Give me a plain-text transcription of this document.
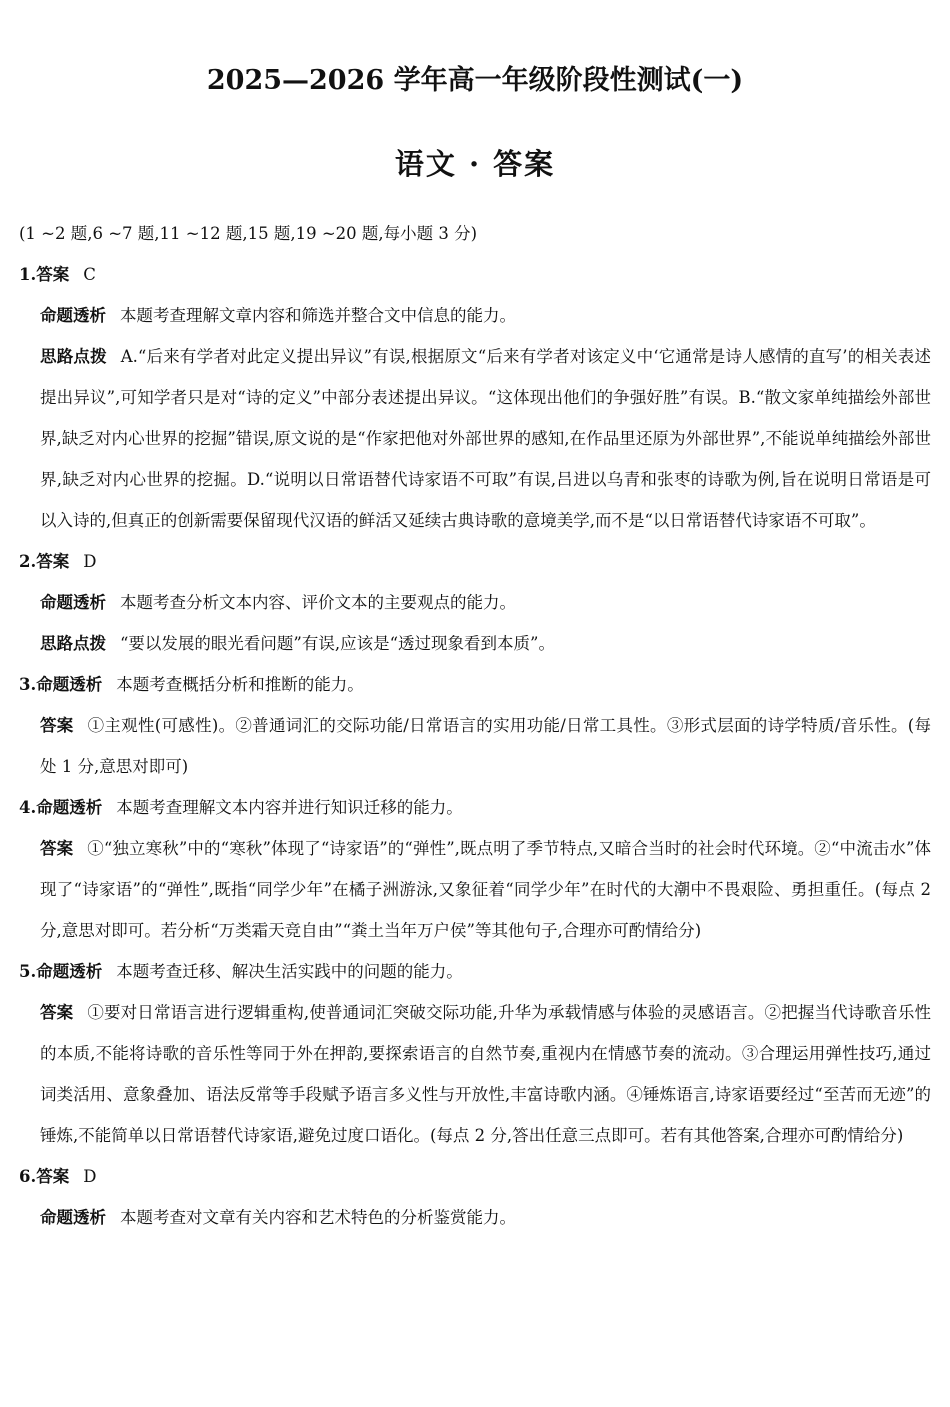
2025—2026 学年高一年级阶段性测试(一)
语文 · 答案

(1 ~2 题,6 ~7 题,11 ~12 题,15 题,19 ~20 题,每小题 3 分)

1.答案 C

命题透析 本题考查理解文章内容和筛选并整合文中信息的能力。

思路点拨 A.“后来有学者对此定义提出异议”有误,根据原文“后来有学者对该定义中‘它通常是诗人感情的直写’的相关表述提出异议”,可知学者只是对“诗的定义”中部分表述提出异议。“这体现出他们的争强好胜”有误。B.“散文家单纯描绘外部世界,缺乏对内心世界的挖掘”错误,原文说的是“作家把他对外部世界的感知,在作品里还原为外部世界”,不能说单纯描绘外部世界,缺乏对内心世界的挖掘。D.“说明以日常语替代诗家语不可取”有误,吕进以乌青和张枣的诗歌为例,旨在说明日常语是可以入诗的,但真正的创新需要保留现代汉语的鲜活又延续古典诗歌的意境美学,而不是“以日常语替代诗家语不可取”。

2.答案 D

命题透析 本题考查分析文本内容、评价文本的主要观点的能力。

思路点拨 “要以发展的眼光看问题”有误,应该是“透过现象看到本质”。

3.命题透析 本题考查概括分析和推断的能力。

答案 ①主观性(可感性)。②普通词汇的交际功能/日常语言的实用功能/日常工具性。③形式层面的诗学特质/音乐性。(每处 1 分,意思对即可)

4.命题透析 本题考查理解文本内容并进行知识迁移的能力。

答案 ①“独立寒秋”中的“寒秋”体现了“诗家语”的“弹性”,既点明了季节特点,又暗合当时的社会时代环境。②“中流击水”体现了“诗家语”的“弹性”,既指“同学少年”在橘子洲游泳,又象征着“同学少年”在时代的大潮中不畏艰险、勇担重任。(每点 2 分,意思对即可。若分析“万类霜天竞自由”“粪土当年万户侯”等其他句子,合理亦可酌情给分)

5.命题透析 本题考查迁移、解决生活实践中的问题的能力。

答案 ①要对日常语言进行逻辑重构,使普通词汇突破交际功能,升华为承载情感与体验的灵感语言。②把握当代诗歌音乐性的本质,不能将诗歌的音乐性等同于外在押韵,要探索语言的自然节奏,重视内在情感节奏的流动。③合理运用弹性技巧,通过词类活用、意象叠加、语法反常等手段赋予语言多义性与开放性,丰富诗歌内涵。④锤炼语言,诗家语要经过“至苦而无迹”的锤炼,不能简单以日常语替代诗家语,避免过度口语化。(每点 2 分,答出任意三点即可。若有其他答案,合理亦可酌情给分)

6.答案 D

命题透析 本题考查对文章有关内容和艺术特色的分析鉴赏能力。
